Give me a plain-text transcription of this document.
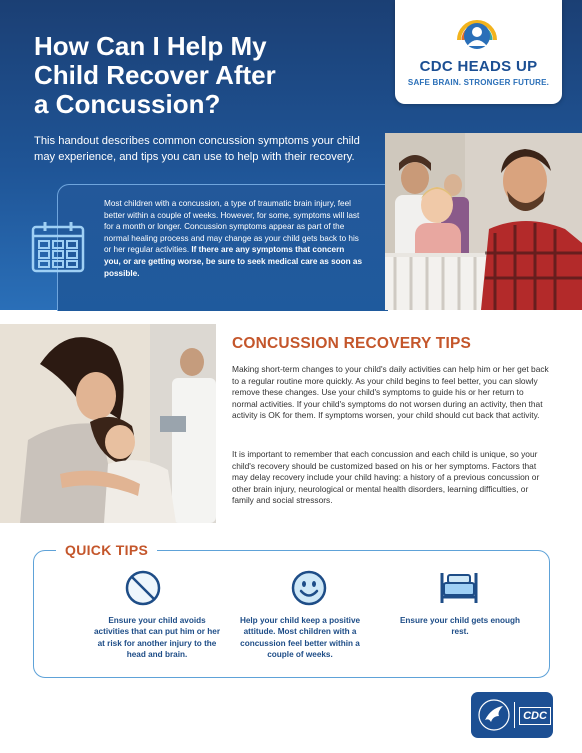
How Can I Help My
Child Recover After
a Concussion?
CDC HEADS UP
SAFE BRAIN. STRONGER FUTURE.

This handout describes common concussion symptoms your child may experience, and tips you can use to help with their recovery.

Most children with a concussion, a type of traumatic brain injury, feel better within a couple of weeks. However, for some, symptoms will last for a month or longer. Concussion symptoms appear as part of the normal healing process and may change as your child gets back to his or her regular activities. If there are any symptoms that concern you, or are getting worse, be sure to seek medical care as soon as possible.

CONCUSSION RECOVERY TIPS

Making short-term changes to your child's daily activities can help him or her get back to a regular routine more quickly. As your child begins to feel better, you can slowly remove these changes. Use your child's symptoms to guide his or her return to normal activities. If your child's symptoms do not worsen during an activity, then that activity is OK for them. If symptoms worsen, your child should cut back that activity.

It is important to remember that each concussion and each child is unique, so your child's recovery should be customized based on his or her symptoms. Factors that may delay recovery include your child having: a history of a previous concussion or other brain injury, neurological or mental health disorders, learning difficulties, or family and social stressors.

QUICK TIPS

Ensure your child avoids activities that can put him or her at risk for another injury to the head and brain.

Help your child keep a positive attitude. Most children with a concussion feel better within a couple of weeks.

Ensure your child gets enough rest.

CDC
